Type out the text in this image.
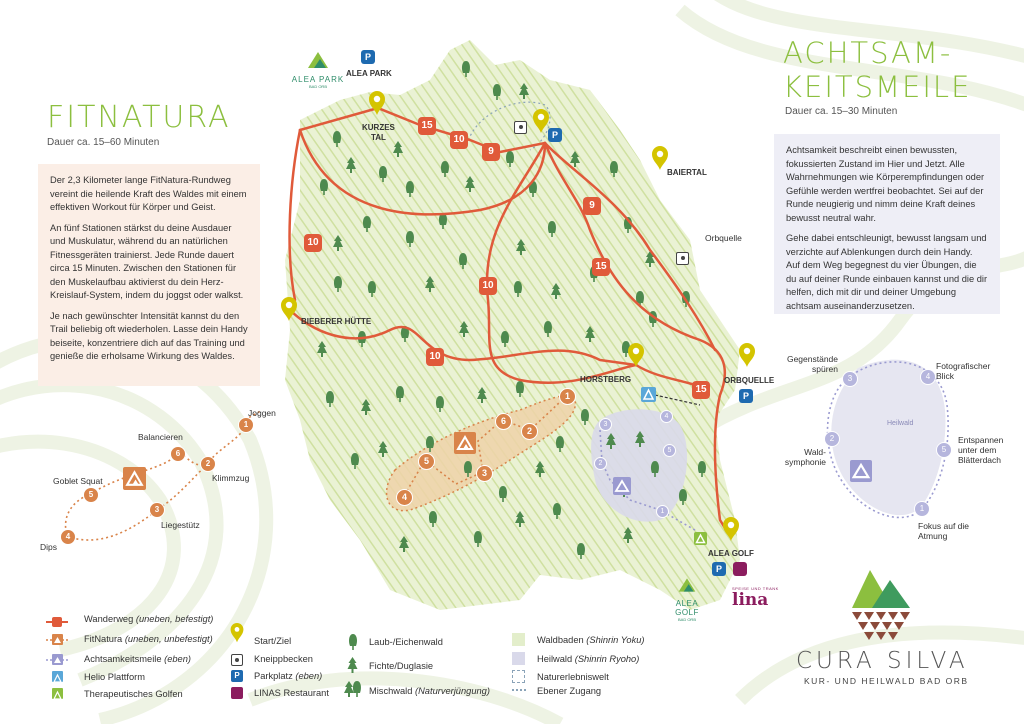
FITNATURA
Dauer ca. 15–60 Minuten

Der 2,3 Kilometer lange FitNatura-Rundweg vereint die heilende Kraft des Waldes mit einem effektiven Workout für Körper und Geist.

An fünf Stationen stärkst du deine Ausdauer und Muskulatur, während du an natürlichen Fitnessgeräten trainierst. Jede Runde dauert circa 15 Minuten. Zwischen den Stationen für den Muskelaufbau aktivierst du dein Herz-Kreislauf-System, indem du joggst oder walkst.

Je nach gewünschter Intensität kannst du den Trail beliebig oft wiederholen. Lasse dein Handy beiseite, konzentriere dich auf das Training und genieße die erholsame Wirkung des Waldes.

ACHTSAM-
KEITSMEILE
Dauer ca. 15–30 Minuten

Achtsamkeit beschreibt einen bewussten, fokussierten Zustand im Hier und Jetzt. Alle Wahrnehmungen wie Körperempfindungen oder Gefühle werden wertfrei beobachtet. Sei auf der Runde neugierig und nimm deine Kraft deines bewusst neutral wahr.

Gehe dabei entschleunigt, bewusst langsam und verzichte auf Ablenkungen durch dein Handy. Auf dem Weg begegnest du vier Übungen, die du auf deiner Runde einbauen kannst und die dir helfen, dich mit dir und deiner Umgebung achtsam auseinanderzusetzen.

Heilwald
15
10
9
9
15
10
10
10
15
1
2
3
4
5
6
1
2
3
4
5
P
P
P
P
ALEA PARK
BAD ORB
ALEA PARK
KURZES
TAL
BAIERTAL
Orbquelle
BIEBERER HÜTTE
HORSTBERG	ORBQUELLE
ALEA GOLF
ALEA GOLF
BAD ORB
SPEISE UND TRANK
lina
1
2
3
4
5
6
Joggen
Klimmzug
Liegestütz
Dips
Goblet Squat
Balancieren
1
2
3	4
5
Fokus auf die Atmung
Wald-symphonie
Gegenstände spüren	Fotografischer Blick
Entspannen unter dem Blätterdach
Wanderweg (uneben, befestigt)
FitNatura (uneben, unbefestigt)
Achtsamkeitsmeile (eben)
Helio Plattform
Therapeutisches Golfen
Start/Ziel
Kneippbecken
P	Parkplatz (eben)
LINAS Restaurant
Laub-/Eichenwald
Fichte/Duglasie
Mischwald (Naturverjüngung)
Waldbaden (Shinrin Yoku)
Heilwald (Shinrin Ryoho)
Naturerlebniswelt
Ebener Zugang
CURA SILVA
KUR- UND HEILWALD BAD ORB
